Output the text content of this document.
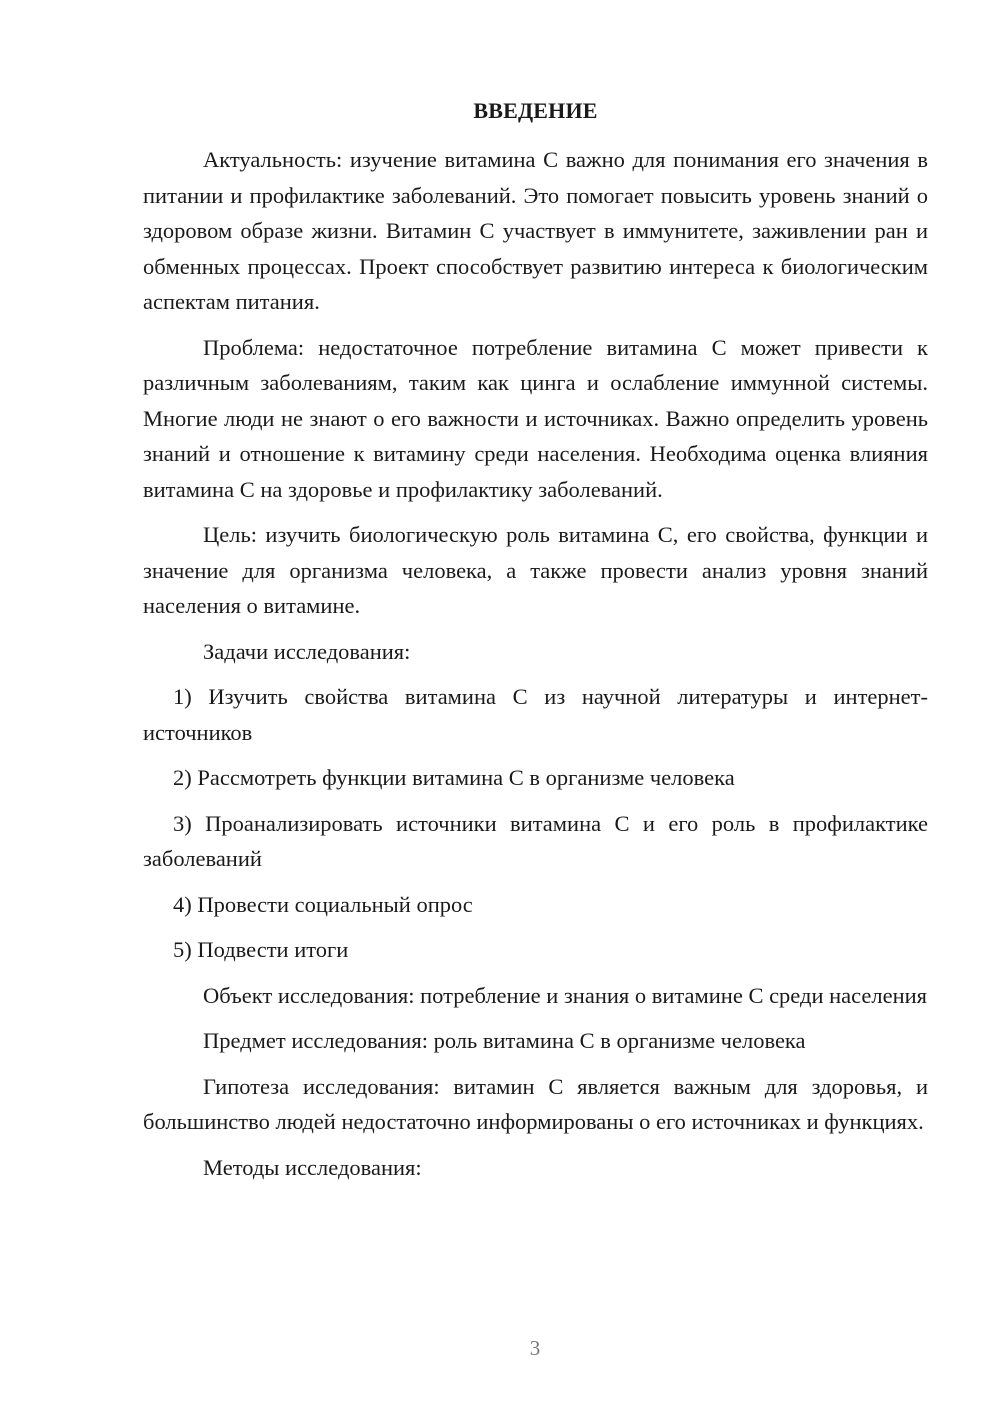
ВВЕДЕНИЕ

Актуальность: изучение витамина С важно для понимания его значения в питании и профилактике заболеваний. Это помогает повысить уровень знаний о здоровом образе жизни. Витамин С участвует в иммунитете, заживлении ран и обменных процессах. Проект способствует развитию интереса к биологическим аспектам питания.

Проблема: недостаточное потребление витамина С может привести к различным заболеваниям, таким как цинга и ослабление иммунной системы. Многие люди не знают о его важности и источниках. Важно определить уровень знаний и отношение к витамину среди населения. Необходима оценка влияния витамина С на здоровье и профилактику заболеваний.

Цель: изучить биологическую роль витамина С, его свойства, функции и значение для организма человека, а также провести анализ уровня знаний населения о витамине.

Задачи исследования:

1) Изучить свойства витамина С из научной литературы и интернет-источников

2) Рассмотреть функции витамина С в организме человека

3) Проанализировать источники витамина С и его роль в профилактике заболеваний

4) Провести социальный опрос

5) Подвести итоги

Объект исследования: потребление и знания о витамине С среди населения

Предмет исследования: роль витамина С в организме человека

Гипотеза исследования: витамин С является важным для здоровья, и большинство людей недостаточно информированы о его источниках и функциях.

Методы исследования:

3
